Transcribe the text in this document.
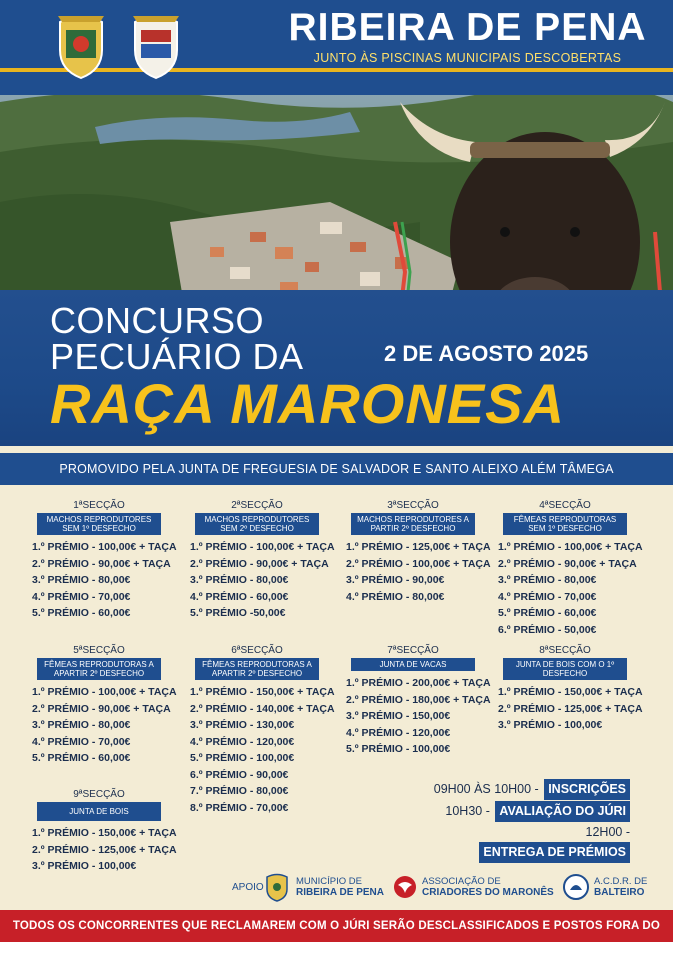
RIBEIRA DE PENA
JUNTO ÀS PISCINAS MUNICIPAIS DESCOBERTAS
CONCURSO
PECUÁRIO DA	2 DE AGOSTO 2025
RAÇA MARONESA
PROMOVIDO PELA JUNTA DE FREGUESIA DE SALVADOR E SANTO ALEIXO ALÉM TÂMEGA
1ªSECÇÃO
MACHOS REPRODUTORES SEM 1º DESFECHO
1.º PRÉMIO - 100,00€ + TAÇA
2.º PRÉMIO - 90,00€ + TAÇA
3.º PRÉMIO - 80,00€
4.º PRÉMIO - 70,00€
5.º PRÉMIO - 60,00€
2ªSECÇÃO
MACHOS REPRODUTORES SEM 2º DESFECHO
1.º PRÉMIO - 100,00€ + TAÇA
2.º PRÉMIO - 90,00€ + TAÇA
3.º PRÉMIO - 80,00€
4.º PRÉMIO - 60,00€
5.º PRÉMIO -50,00€
3ªSECÇÃO
MACHOS REPRODUTORES A PARTIR 2º DESFECHO
1.º PRÉMIO - 125,00€ + TAÇA
2.º PRÉMIO - 100,00€ + TAÇA
3.º PRÉMIO - 90,00€
4.º PRÉMIO - 80,00€
4ªSECÇÃO
FÊMEAS REPRODUTORAS SEM 1º DESFECHO
1.º PRÉMIO - 100,00€ + TAÇA
2.º PRÉMIO - 90,00€ + TAÇA
3.º PRÉMIO - 80,00€
4.º PRÉMIO - 70,00€
5.º PRÉMIO - 60,00€
6.º PRÉMIO - 50,00€
5ªSECÇÃO
FÊMEAS REPRODUTORAS A APARTIR 2º DESFECHO
1.º PRÉMIO - 100,00€ + TAÇA
2.º PRÉMIO - 90,00€ + TAÇA
3.º PRÉMIO - 80,00€
4.º PRÉMIO - 70,00€
5.º PRÉMIO - 60,00€
6ªSECÇÃO
FÊMEAS REPRODUTORAS A APARTIR 2º DESFECHO
1.º PRÉMIO - 150,00€ + TAÇA
2.º PRÉMIO - 140,00€ + TAÇA
3.º PRÉMIO - 130,00€
4.º PRÉMIO - 120,00€
5.º PRÉMIO - 100,00€
6.º PRÉMIO - 90,00€
7.º PRÉMIO - 80,00€
8.º PRÉMIO - 70,00€
7ªSECÇÃO
JUNTA DE VACAS
1.º PRÉMIO - 200,00€ + TAÇA
2.º PRÉMIO - 180,00€ + TAÇA
3.º PRÉMIO - 150,00€
4.º PRÉMIO - 120,00€
5.º PRÉMIO - 100,00€
8ªSECÇÃO
JUNTA DE BOIS COM O 1º DESFECHO
1.º PRÉMIO - 150,00€ + TAÇA
2.º PRÉMIO - 125,00€ + TAÇA
3.º PRÉMIO - 100,00€
9ªSECÇÃO
JUNTA DE BOIS
1.º PRÉMIO - 150,00€ + TAÇA
2.º PRÉMIO - 125,00€ + TAÇA
3.º PRÉMIO - 100,00€
09H00 ÀS 10H00 - INSCRIÇÕES
10H30 - AVALIAÇÃO DO JÚRI
12H00 - ENTREGA DE PRÉMIOS
APOIO
MUNICÍPIO DE
RIBEIRA DE PENA
ASSOCIAÇÃO DE
CRIADORES DO MARONÊS
A.C.D.R. DE
BALTEIRO
TODOS OS CONCORRENTES QUE RECLAMAREM COM O JÚRI SERÃO DESCLASSIFICADOS E POSTOS FORA DO RECINTO
